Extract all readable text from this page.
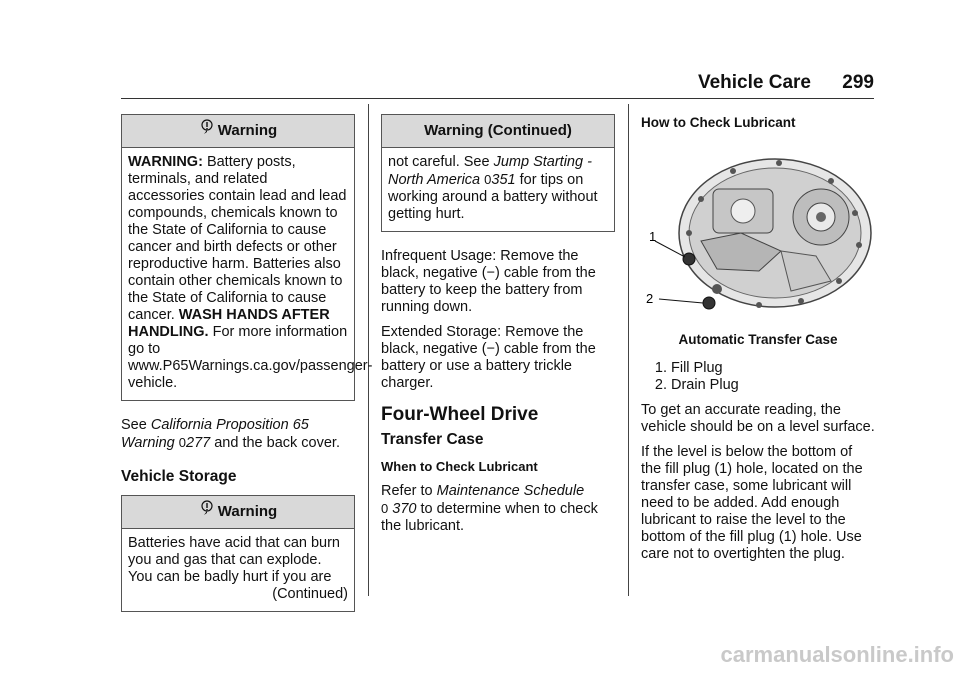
Vehicle Care 299
Warning
WARNING: Battery posts, terminals, and related accessories contain lead and lead compounds, chemicals known to the State of California to cause cancer and birth defects or other reproductive harm. Batteries also contain other chemicals known to the State of California to cause cancer. WASH HANDS AFTER HANDLING. For more information go to www.P65Warnings.ca.gov/passenger-vehicle.

See California Proposition 65 Warning 0277 and the back cover.

Vehicle Storage
Warning
Batteries have acid that can burn you and gas that can explode. You can be badly hurt if you are
(Continued)
Warning (Continued)
not careful. See Jump Starting - North America 0351 for tips on working around a battery without getting hurt.

Infrequent Usage: Remove the black, negative (−) cable from the battery to keep the battery from running down.

Extended Storage: Remove the black, negative (−) cable from the battery or use a battery trickle charger.

Four-Wheel Drive
Transfer Case
When to Check Lubricant

Refer to Maintenance Schedule
0 370 to determine when to check the lubricant.

How to Check Lubricant
1
2
Automatic Transfer Case
1. Fill Plug
2. Drain Plug

To get an accurate reading, the vehicle should be on a level surface.

If the level is below the bottom of the fill plug (1) hole, located on the transfer case, some lubricant will need to be added. Add enough lubricant to raise the level to the bottom of the fill plug (1) hole. Use care not to overtighten the plug.

carmanualsonline.info
